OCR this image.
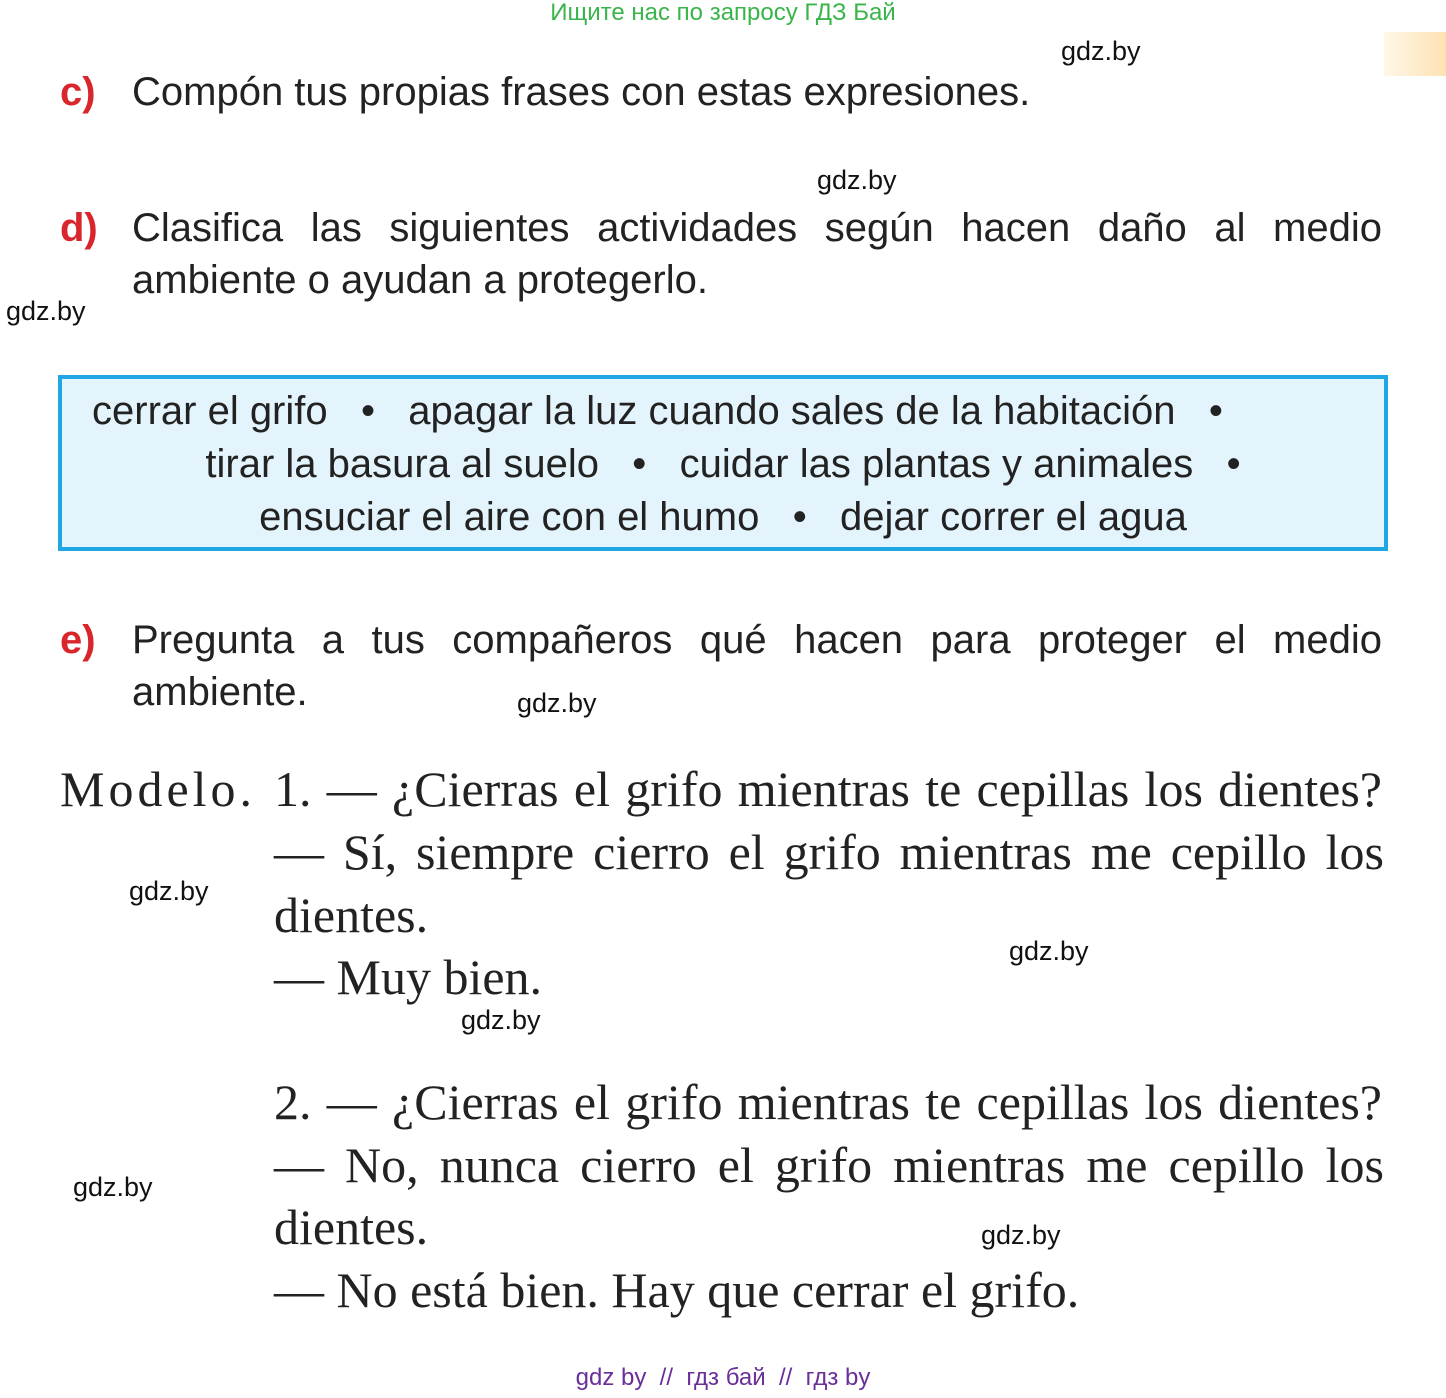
Ищите нас по запросу ГДЗ Бай
gdz.by
gdz.by
gdz.by
gdz.by
gdz.by
gdz.by
gdz.by
gdz.by
gdz.by
c) Compón tus propias frases con estas expresiones.
d) Clasifica las siguientes actividades según hacen daño al medio
ambiente o ayudan a protegerlo.
cerrar el grifo   •   apagar la luz cuando sales de la habitación   •
tirar la basura al suelo   •   cuidar las plantas y animales   •
ensuciar el aire con el humo   •   dejar correr el agua
e) Pregunta a tus compañeros qué hacen para proteger el medio
ambiente.
Modelo. 1. — ¿Cierras el grifo mientras te cepillas los dientes?
— Sí, siempre cierro el grifo mientras me cepillo los
dientes.
— Muy bien.
2. — ¿Cierras el grifo mientras te cepillas los dientes?
— No, nunca cierro el grifo mientras me cepillo los
dientes.
— No está bien. Hay que cerrar el grifo.
gdz by  //  гдз бай  //  гдз by
